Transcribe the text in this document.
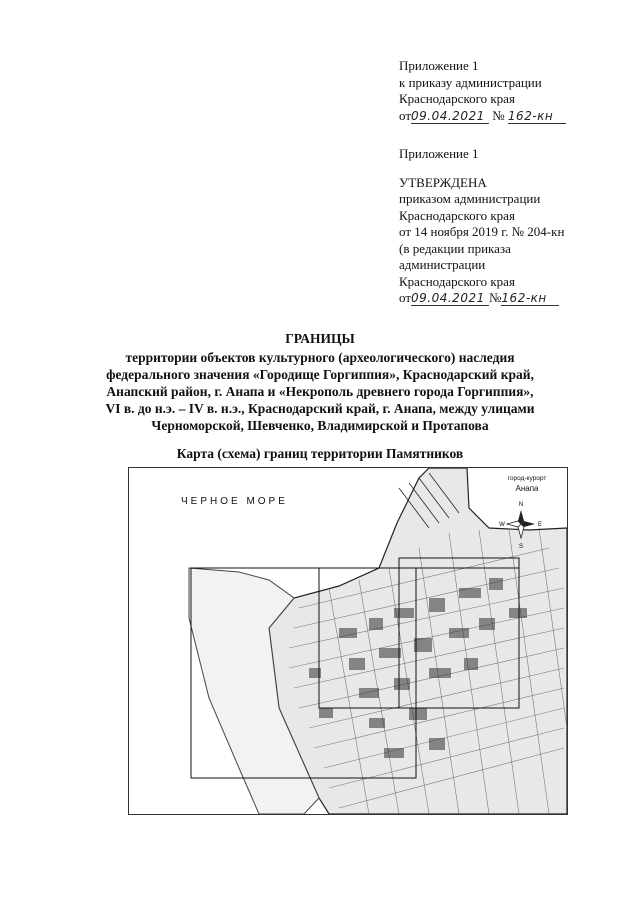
Приложение 1
к приказу администрации
Краснодарского края
от09.04.2021 № 162-кн
Приложение 1
УТВЕРЖДЕНА
приказом администрации
Краснодарского края
от 14 ноября 2019 г. № 204-кн
(в редакции приказа
администрации
Краснодарского края
от09.04.2021 №162-кн
ГРАНИЦЫ
территории объектов культурного (археологического) наследия
федерального значения «Городище Горгиппия», Краснодарский край,
Анапский район, г. Анапа и «Некрополь древнего города Горгиппия»,
VI в. до н.э. – IV в. н.э., Краснодарский край, г. Анапа, между улицами
Черноморской, Шевченко, Владимирской и Протапова
Карта (схема) границ территории Памятников
N
S
W	E
ЧЕРНОЕ МОРЕ
город-курорт
Анапа
